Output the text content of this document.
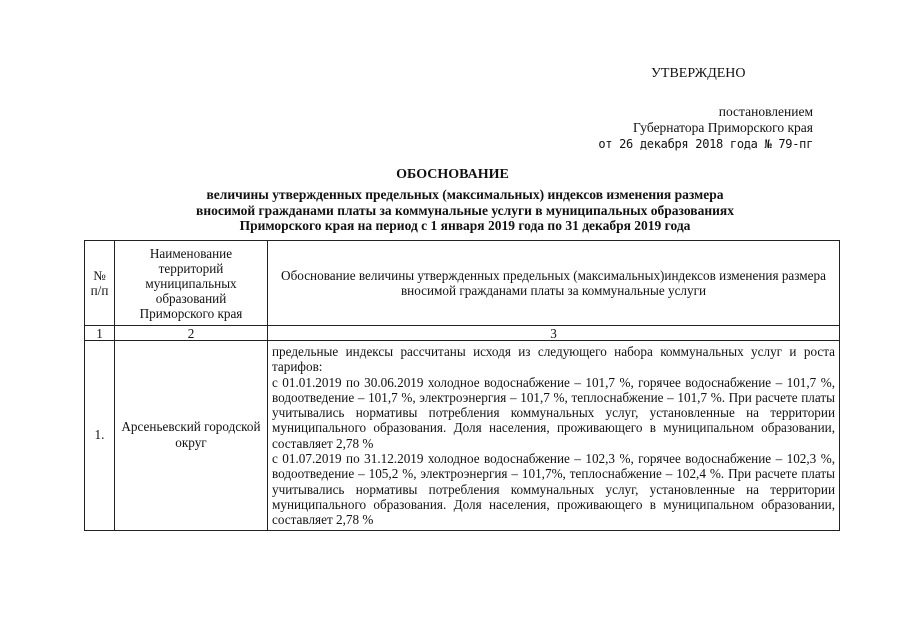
УТВЕРЖДЕНО
постановлением
Губернатора Приморского края
от 26 декабря 2018 года № 79-пг
ОБОСНОВАНИЕ
величины утвержденных предельных (максимальных) индексов изменения размера
вносимой гражданами платы за коммунальные услуги в муниципальных образованиях
Приморского края на период с 1 января 2019 года по 31 декабря 2019 года
№ п/п	Наименование территорий муниципальных образований Приморского края	Обоснование величины утвержденных предельных (максимальных)индексов изменения размера вносимой гражданами платы за коммунальные услуги
1	2	3
1.	Арсеньевский городской округ	предельные индексы рассчитаны исходя из следующего набора коммунальных услуг и роста тарифов:

с 01.01.2019 по 30.06.2019 холодное водоснабжение – 101,7 %, горячее водоснабжение – 101,7 %, водоотведение – 101,7 %, электроэнергия – 101,7 %, теплоснабжение – 101,7 %. При расчете платы учитывались нормативы потребления коммунальных услуг, установленные на территории муниципального образования. Доля населения, проживающего в муниципальном образовании, составляет 2,78 %

с 01.07.2019 по 31.12.2019 холодное водоснабжение – 102,3 %, горячее водоснабжение – 102,3 %, водоотведение – 105,2 %, электроэнергия – 101,7%, теплоснабжение – 102,4 %. При расчете платы учитывались нормативы потребления коммунальных услуг, установленные на территории муниципального образования. Доля населения, проживающего в муниципальном образовании, составляет 2,78 %
